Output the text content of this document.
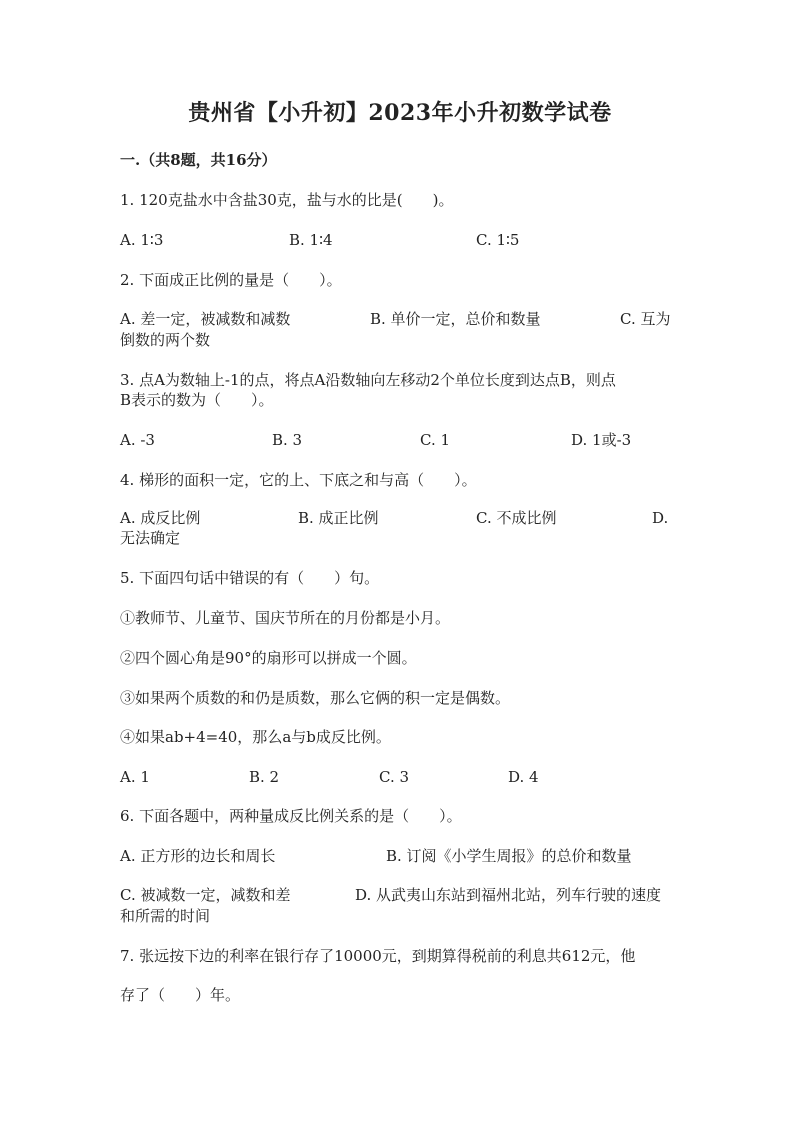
贵州省【小升初】2023年小升初数学试卷
一.（共8题，共16分）
1. 120克盐水中含盐30克，盐与水的比是(　　)。
A. 1∶3	B. 1∶4	C. 1∶5
2. 下面成正比例的量是（　　）。
A. 差一定，被减数和减数	B. 单价一定，总价和数量	C. 互为
倒数的两个数
3. 点A为数轴上-1的点，将点A沿数轴向左移动2个单位长度到达点B，则点
B表示的数为（　　）。
A. -3	B. 3	C. 1	D. 1或-3
4. 梯形的面积一定，它的上、下底之和与高（　　）。
A. 成反比例	B. 成正比例	C. 不成比例	D.
无法确定
5. 下面四句话中错误的有（　　）句。
①教师节、儿童节、国庆节所在的月份都是小月。
②四个圆心角是90°的扇形可以拼成一个圆。
③如果两个质数的和仍是质数，那么它俩的积一定是偶数。
④如果ab+4=40，那么a与b成反比例。
A. 1	B. 2	C. 3	D. 4
6. 下面各题中，两种量成反比例关系的是（　　）。
A. 正方形的边长和周长	B. 订阅《小学生周报》的总价和数量
C. 被减数一定，减数和差	D. 从武夷山东站到福州北站，列车行驶的速度
和所需的时间
7. 张远按下边的利率在银行存了10000元，到期算得税前的利息共612元，他
存了（　　）年。
